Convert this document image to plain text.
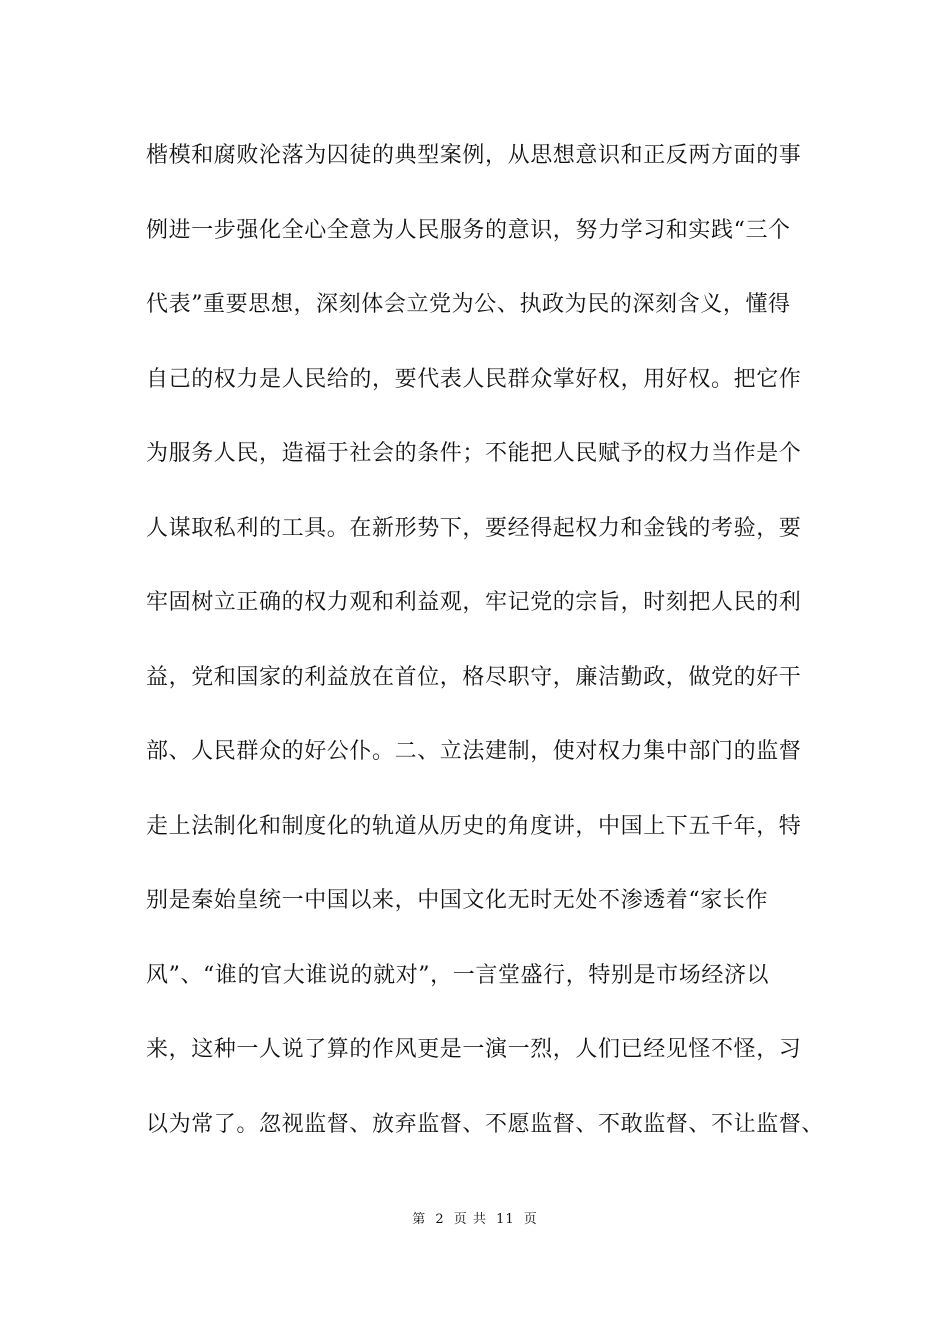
楷模和腐败沦落为囚徒的典型案例，从思想意识和正反两方面的事
例进一步强化全心全意为人民服务的意识，努力学习和实践“三个
代表”重要思想，深刻体会立党为公、执政为民的深刻含义，懂得
自己的权力是人民给的，要代表人民群众掌好权，用好权。把它作
为服务人民，造福于社会的条件；不能把人民赋予的权力当作是个
人谋取私利的工具。在新形势下，要经得起权力和金钱的考验，要
牢固树立正确的权力观和利益观，牢记党的宗旨，时刻把人民的利
益，党和国家的利益放在首位，格尽职守，廉洁勤政，做党的好干
部、人民群众的好公仆。二、立法建制，使对权力集中部门的监督
走上法制化和制度化的轨道从历史的角度讲，中国上下五千年，特
别是秦始皇统一中国以来，中国文化无时无处不渗透着“家长作
风”、“谁的官大谁说的就对”，一言堂盛行，特别是市场经济以
来，这种一人说了算的作风更是一演一烈，人们已经见怪不怪，习
以为常了。忽视监督、放弃监督、不愿监督、不敢监督、不让监督、
第 2 页 共 11 页
